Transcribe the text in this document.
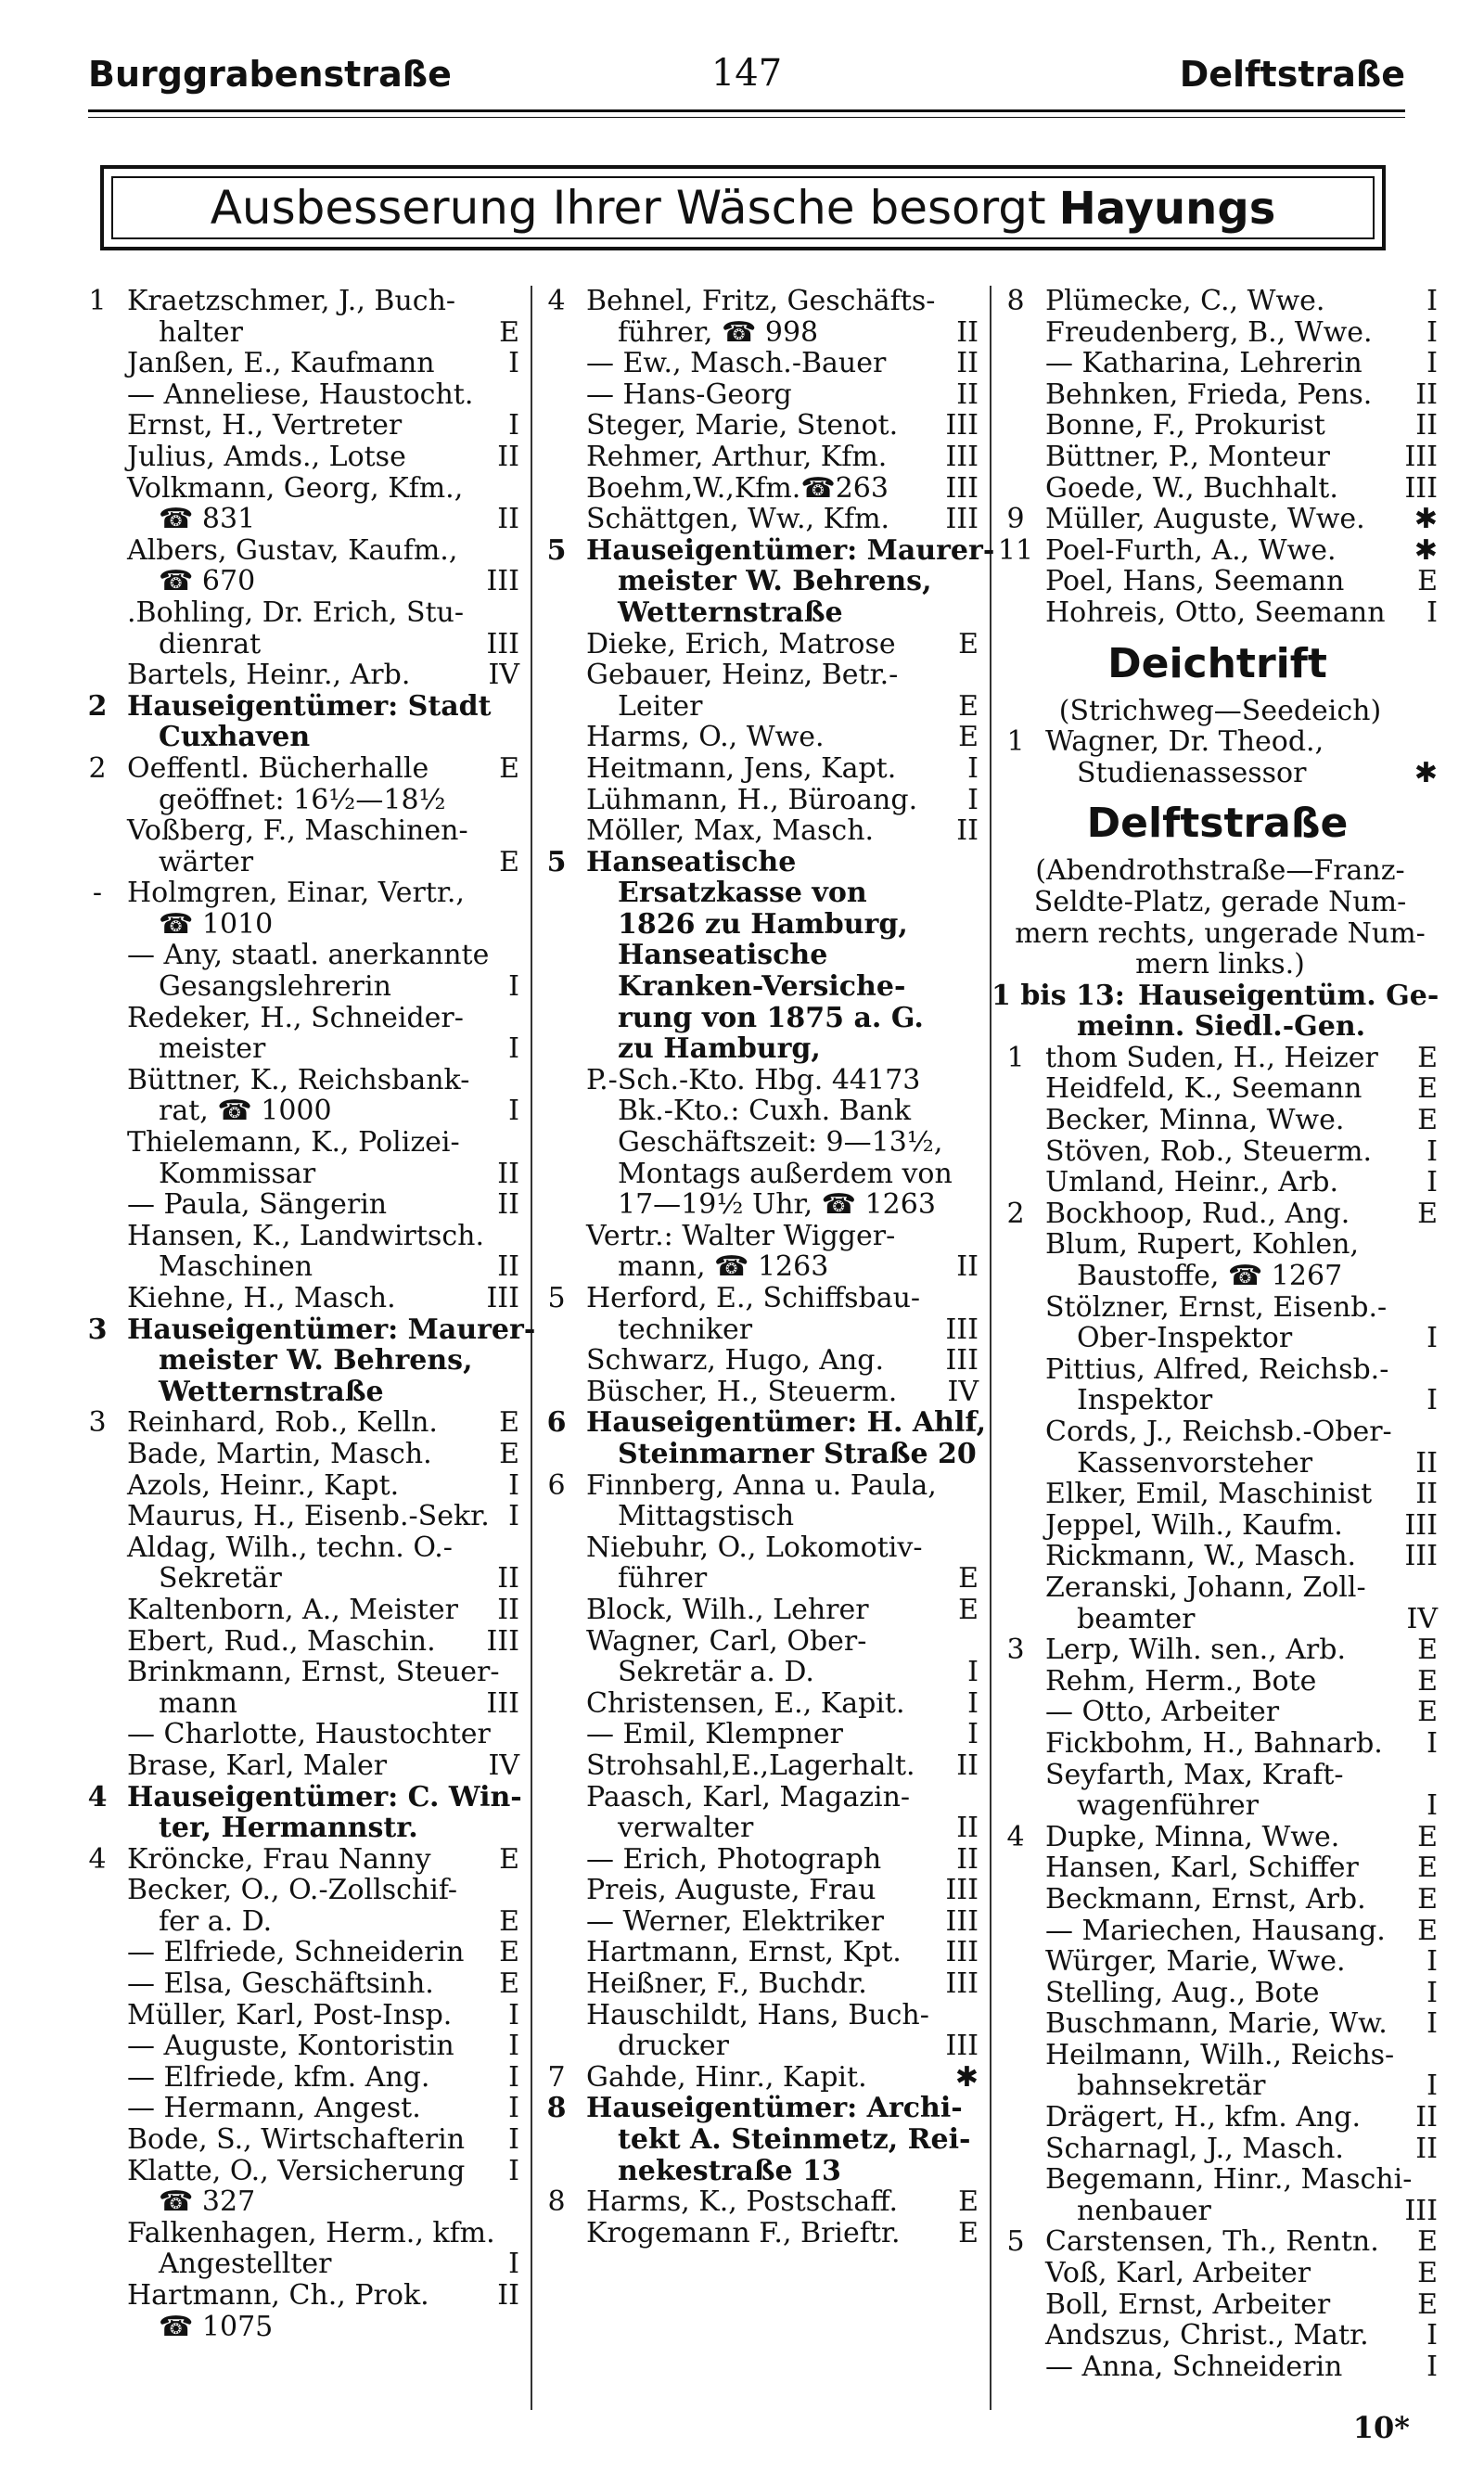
Burggrabenstraße	147	Delftstraße
Ausbesserung Ihrer Wäsche besorgt Hayungs
1 Kraetzschmer, J., Buch-
halter	E
Janßen, E., Kaufmann	I
— Anneliese, Haustocht.
Ernst, H., Vertreter	I
Julius, Amds., Lotse	II
Volkmann, Georg, Kfm.,
☎ 831	II
Albers, Gustav, Kaufm.,
☎ 670	III
.Bohling, Dr. Erich, Stu-
dienrat	III
Bartels, Heinr., Arb.	IV
2 Hauseigentümer: Stadt
Cuxhaven
2 Oeffentl. Bücherhalle	E
geöffnet: 16½—18½
Voßberg, F., Maschinen-
wärter	E
- Holmgren, Einar, Vertr.,
☎ 1010
— Any, staatl. anerkannte
Gesangslehrerin	I
Redeker, H., Schneider-
meister	I
Büttner, K., Reichsbank-
rat, ☎ 1000	I
Thielemann, K., Polizei-
Kommissar	II
— Paula, Sängerin	II
Hansen, K., Landwirtsch.
Maschinen	II
Kiehne, H., Masch.	III
3 Hauseigentümer: Maurer-
meister W. Behrens,
Wetternstraße
3 Reinhard, Rob., Kelln. E
Bade, Martin, Masch. E
Azols, Heinr., Kapt.	I
Maurus, H., Eisenb.-Sekr. I
Aldag, Wilh., techn. O.-
Sekretär	II
Kaltenborn, A., Meister II
Ebert, Rud., Maschin. III
Brinkmann, Ernst, Steuer-
mann	III
— Charlotte, Haustochter
Brase, Karl, Maler	IV
4 Hauseigentümer: C. Win-
ter, Hermannstr.
4 Kröncke, Frau Nanny E
Becker, O., O.-Zollschif-
fer a. D.	E
— Elfriede, Schneiderin E
— Elsa, Geschäftsinh. E
Müller, Karl, Post-Insp. I
— Auguste, Kontoristin I
— Elfriede, kfm. Ang.	I
— Hermann, Angest.	I
Bode, S., Wirtschafterin I
Klatte, O., Versicherung I
☎ 327
Falkenhagen, Herm., kfm.
Angestellter	I
Hartmann, Ch., Prok. II
☎ 1075
4 Behnel, Fritz, Geschäfts-
führer, ☎ 998	II
— Ew., Masch.-Bauer	II
— Hans-Georg	II
Steger, Marie, Stenot. III
Rehmer, Arthur, Kfm. III
Boehm,W.,Kfm.☎263 III
Schättgen, Ww., Kfm. III
5 Hauseigentümer: Maurer-
meister W. Behrens,
Wetternstraße
Dieke, Erich, Matrose E
Gebauer, Heinz, Betr.-
Leiter	E
Harms, O., Wwe.	E
Heitmann, Jens, Kapt.	I
Lühmann, H., Büroang. I
Möller, Max, Masch.	II
5 Hanseatische
Ersatzkasse von
1826 zu Hamburg,
Hanseatische
Kranken-Versiche-
rung von 1875 a. G.
zu Hamburg,
P.-Sch.-Kto. Hbg. 44173
Bk.-Kto.: Cuxh. Bank
Geschäftszeit: 9—13½,
Montags außerdem von
17—19½ Uhr, ☎ 1263
Vertr.: Walter Wigger-
mann, ☎ 1263	II
5 Herford, E., Schiffsbau-
techniker	III
Schwarz, Hugo, Ang. III
Büscher, H., Steuerm. IV
6 Hauseigentümer: H. Ahlf,
Steinmarner Straße 20
6 Finnberg, Anna u. Paula,
Mittagstisch
Niebuhr, O., Lokomotiv-
führer	E
Block, Wilh., Lehrer	E
Wagner, Carl, Ober-
Sekretär a. D.	I
Christensen, E., Kapit. I
— Emil, Klempner	I
Strohsahl,E.,Lagerhalt. II
Paasch, Karl, Magazin-
verwalter	II
— Erich, Photograph	II
Preis, Auguste, Frau III
— Werner, Elektriker III
Hartmann, Ernst, Kpt. III
Heißner, F., Buchdr.	III
Hauschildt, Hans, Buch-
drucker	III
7 Gahde, Hinr., Kapit.	✱
8 Hauseigentümer: Archi-
tekt A. Steinmetz, Rei-
nekestraße 13
8 Harms, K., Postschaff. E
Krogemann F., Brieftr. E
8 Plümecke, C., Wwe.	I
Freudenberg, B., Wwe. I
— Katharina, Lehrerin I
Behnken, Frieda, Pens. II
Bonne, F., Prokurist	II
Büttner, P., Monteur	III
Goede, W., Buchhalt. III
9 Müller, Auguste, Wwe. ✱
11 Poel-Furth, A., Wwe.	✱
Poel, Hans, Seemann	E
Hohreis, Otto, Seemann I
Deichtrift
(Strichweg—Seedeich)
1 Wagner, Dr. Theod.,
Studienassessor	✱
Delftstraße
(Abendrothstraße—Franz-
Seldte-Platz, gerade Num-
mern rechts, ungerade Num-
mern links.)
1 bis 13: Hauseigentüm. Ge-
meinn. Siedl.-Gen.
1 thom Suden, H., Heizer E
Heidfeld, K., Seemann E
Becker, Minna, Wwe.	E
Stöven, Rob., Steuerm. I
Umland, Heinr., Arb.	I
2 Bockhoop, Rud., Ang. E
Blum, Rupert, Kohlen,
Baustoffe, ☎ 1267
Stölzner, Ernst, Eisenb.-
Ober-Inspektor	I
Pittius, Alfred, Reichsb.-
Inspektor	I
Cords, J., Reichsb.-Ober-
Kassenvorsteher	II
Elker, Emil, Maschinist II
Jeppel, Wilh., Kaufm. III
Rickmann, W., Masch. III
Zeranski, Johann, Zoll-
beamter	IV
3 Lerp, Wilh. sen., Arb.	E
Rehm, Herm., Bote	E
— Otto, Arbeiter	E
Fickbohm, H., Bahnarb. I
Seyfarth, Max, Kraft-
wagenführer	I
4 Dupke, Minna, Wwe.	E
Hansen, Karl, Schiffer E
Beckmann, Ernst, Arb. E
— Mariechen, Hausang. E
Würger, Marie, Wwe.	I
Stelling, Aug., Bote	I
Buschmann, Marie, Ww. I
Heilmann, Wilh., Reichs-
bahnsekretär	I
Drägert, H., kfm. Ang. II
Scharnagl, J., Masch.	II
Begemann, Hinr., Maschi-
nenbauer	III
5 Carstensen, Th., Rentn. E
Voß, Karl, Arbeiter	E
Boll, Ernst, Arbeiter	E
Andszus, Christ., Matr. I
— Anna, Schneiderin	I
10*
